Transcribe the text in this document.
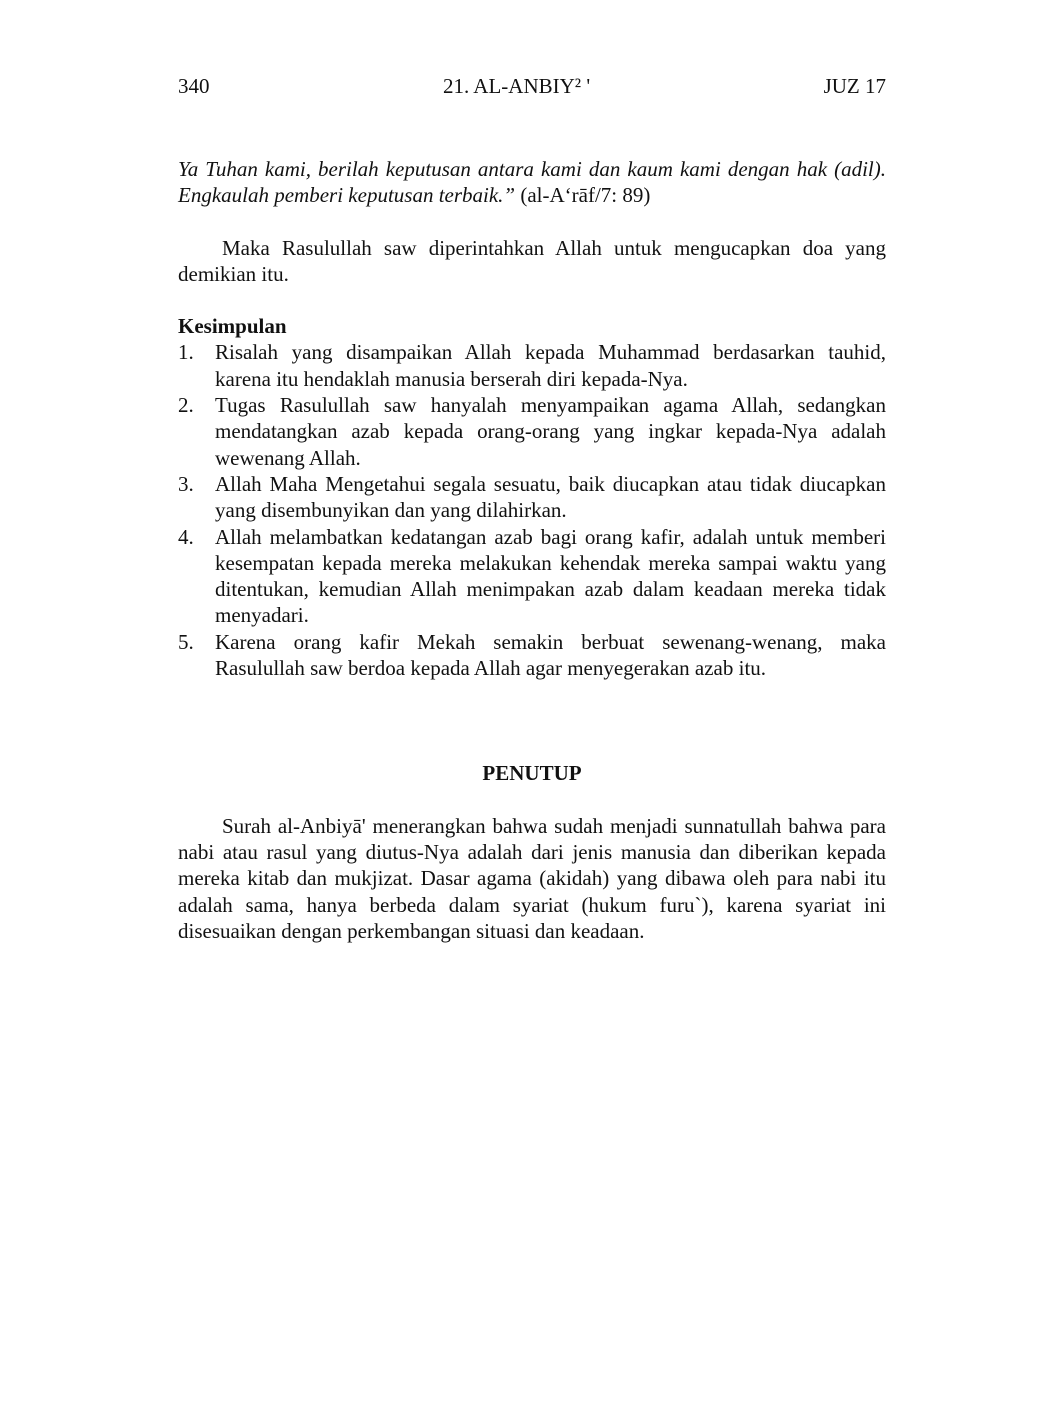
340	21. AL-ANBIY² '	JUZ 17

Ya Tuhan kami, berilah keputusan antara kami dan kaum kami dengan hak (adil). Engkaulah pemberi keputusan terbaik.” (al-A‘rāf/7: 89)

Maka Rasulullah saw diperintahkan Allah untuk mengucapkan doa yang demikian itu.

Kesimpulan
1.	Risalah yang disampaikan Allah kepada Muhammad berdasarkan tauhid, karena itu hendaklah manusia berserah diri kepada-Nya.
2.	Tugas Rasulullah saw hanyalah menyampaikan agama Allah, sedangkan mendatangkan azab kepada orang-orang yang ingkar kepada-Nya adalah wewenang Allah.
3.	Allah Maha Mengetahui segala sesuatu, baik diucapkan atau tidak diucapkan yang disembunyikan dan yang dilahirkan.
4.	Allah melambatkan kedatangan azab bagi orang kafir, adalah untuk memberi kesempatan kepada mereka melakukan kehendak mereka sampai waktu yang ditentukan, kemudian Allah menimpakan azab dalam keadaan mereka tidak menyadari.
5.	Karena orang kafir Mekah semakin berbuat sewenang-wenang, maka Rasulullah saw berdoa kepada Allah agar menyegerakan azab itu.
PENUTUP

Surah al-Anbiyā' menerangkan bahwa sudah menjadi sunnatullah bahwa para nabi atau rasul yang diutus-Nya adalah dari jenis manusia dan diberikan kepada mereka kitab dan mukjizat. Dasar agama (akidah) yang dibawa oleh para nabi itu adalah sama, hanya berbeda dalam syariat (hukum furu`), karena syariat ini disesuaikan dengan perkembangan situasi dan keadaan.
